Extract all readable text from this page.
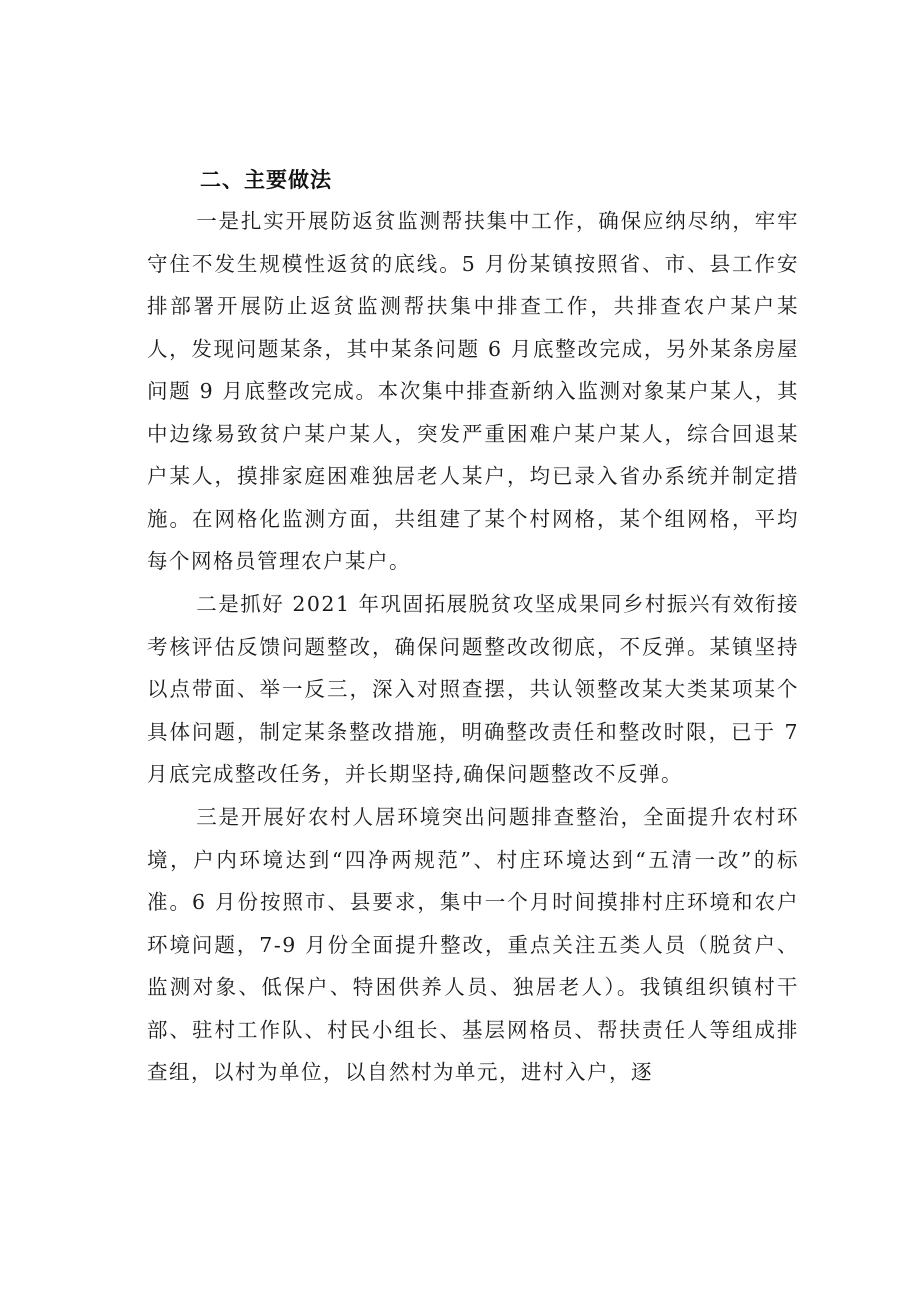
二、主要做法

一是扎实开展防返贫监测帮扶集中工作，确保应纳尽纳，牢牢守住不发生规模性返贫的底线。5 月份某镇按照省、市、县工作安排部署开展防止返贫监测帮扶集中排查工作，共排查农户某户某人，发现问题某条，其中某条问题 6 月底整改完成，另外某条房屋问题 9 月底整改完成。本次集中排查新纳入监测对象某户某人，其中边缘易致贫户某户某人，突发严重困难户某户某人，综合回退某户某人，摸排家庭困难独居老人某户，均已录入省办系统并制定措施。在网格化监测方面，共组建了某个村网格，某个组网格，平均每个网格员管理农户某户。

二是抓好 2021 年巩固拓展脱贫攻坚成果同乡村振兴有效衔接考核评估反馈问题整改，确保问题整改改彻底，不反弹。某镇坚持以点带面、举一反三，深入对照查摆，共认领整改某大类某项某个具体问题，制定某条整改措施，明确整改责任和整改时限，已于 7 月底完成整改任务，并长期坚持,确保问题整改不反弹。

三是开展好农村人居环境突出问题排查整治，全面提升农村环境，户内环境达到“四净两规范”、村庄环境达到“五清一改”的标准。6 月份按照市、县要求，集中一个月时间摸排村庄环境和农户环境问题，7-9 月份全面提升整改，重点关注五类人员（脱贫户、监测对象、低保户、特困供养人员、独居老人）。我镇组织镇村干部、驻村工作队、村民小组长、基层网格员、帮扶责任人等组成排查组，以村为单位，以自然村为单元，进村入户，逐
